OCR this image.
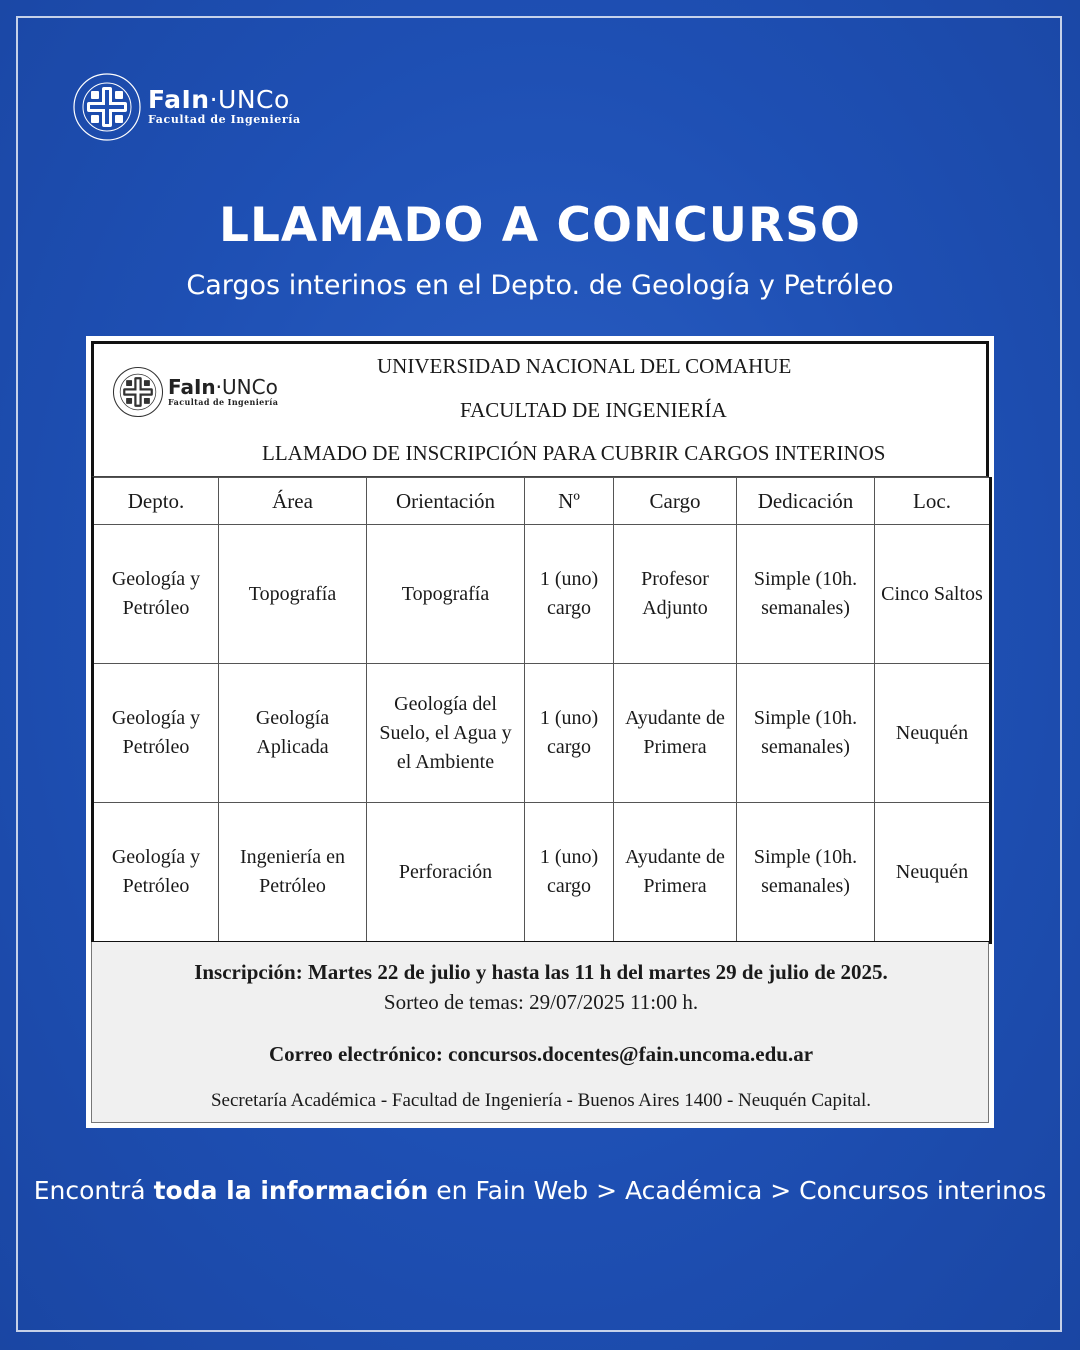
FaIn·UNCo
Facultad de Ingeniería
LLAMADO A CONCURSO
Cargos interinos en el Depto. de Geología y Petróleo
FaIn·UNCo
Facultad de Ingeniería
UNIVERSIDAD NACIONAL DEL COMAHUE
FACULTAD DE INGENIERÍA
LLAMADO DE INSCRIPCIÓN PARA CUBRIR CARGOS INTERINOS
Depto.	Área	Orientación	Nº	Cargo	Dedicación	Loc.
Geología y Petróleo	Topografía	Topografía	1 (uno) cargo	Profesor Adjunto	Simple (10h. semanales)	Cinco Saltos
Geología y Petróleo	Geología Aplicada	Geología del Suelo, el Agua y el Ambiente	1 (uno) cargo	Ayudante de Primera	Simple (10h. semanales)	Neuquén
Geología y Petróleo	Ingeniería en Petróleo	Perforación	1 (uno) cargo	Ayudante de Primera	Simple (10h. semanales)	Neuquén
Inscripción: Martes 22 de julio y hasta las 11 h del martes 29 de julio de 2025.
Sorteo de temas: 29/07/2025 11:00 h.
Correo electrónico: concursos.docentes@fain.uncoma.edu.ar
Secretaría Académica - Facultad de Ingeniería - Buenos Aires 1400 - Neuquén Capital.
Encontrá toda la información en Fain Web > Académica > Concursos interinos
